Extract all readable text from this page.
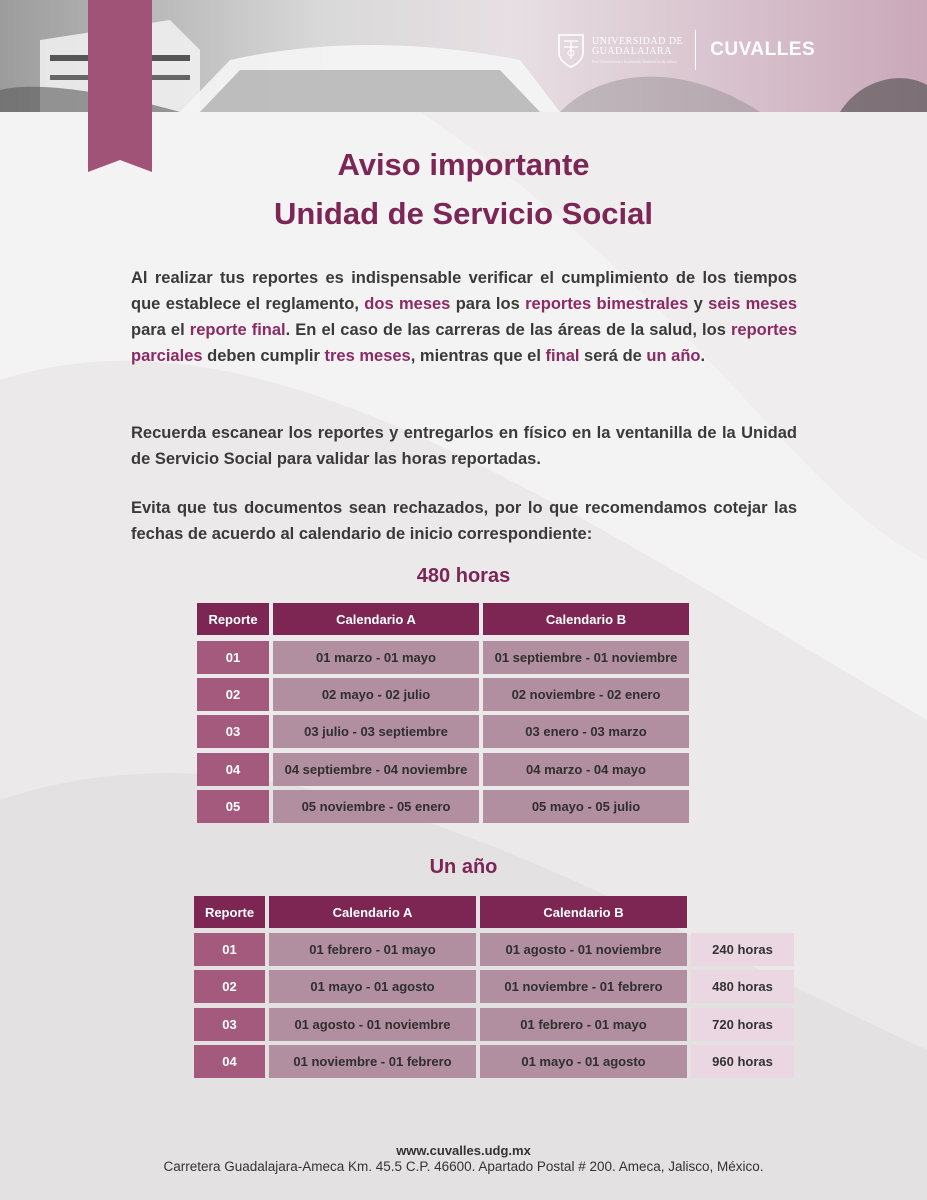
UNIVERSIDAD DE
GUADALAJARA
Red Universitaria e Institución Benemérita de Jalisco
CUVALLES
Aviso importante
Unidad de Servicio Social

Al realizar tus reportes es indispensable verificar el cumplimiento de los tiempos que establece el reglamento, dos meses para los reportes bimestrales y seis meses para el reporte final. En el caso de las carreras de las áreas de la salud, los reportes parciales deben cumplir tres meses, mientras que el final será de un año.

Recuerda escanear los reportes y entregarlos en físico en la ventanilla de la Unidad de Servicio Social para validar las horas reportadas.

Evita que tus documentos sean rechazados, por lo que recomendamos cotejar las fechas de acuerdo al calendario de inicio correspondiente:

480 horas
Reporte	Calendario A	Calendario B
01	01 marzo - 01 mayo	01 septiembre - 01 noviembre
02	02 mayo - 02 julio	02 noviembre - 02 enero
03	03 julio - 03 septiembre	03 enero - 03 marzo
04	04 septiembre - 04 noviembre	04 marzo - 04 mayo
05	05 noviembre - 05 enero	05 mayo - 05 julio
Un año
Reporte	Calendario A	Calendario B
01	01 febrero - 01 mayo	01 agosto - 01 noviembre	240 horas
02	01 mayo - 01 agosto	01 noviembre - 01 febrero	480 horas
03	01 agosto - 01 noviembre	01 febrero - 01 mayo	720 horas
04	01 noviembre - 01 febrero	01 mayo - 01 agosto	960 horas

www.cuvalles.udg.mx

Carretera Guadalajara-Ameca Km. 45.5 C.P. 46600. Apartado Postal # 200. Ameca, Jalisco, México.
